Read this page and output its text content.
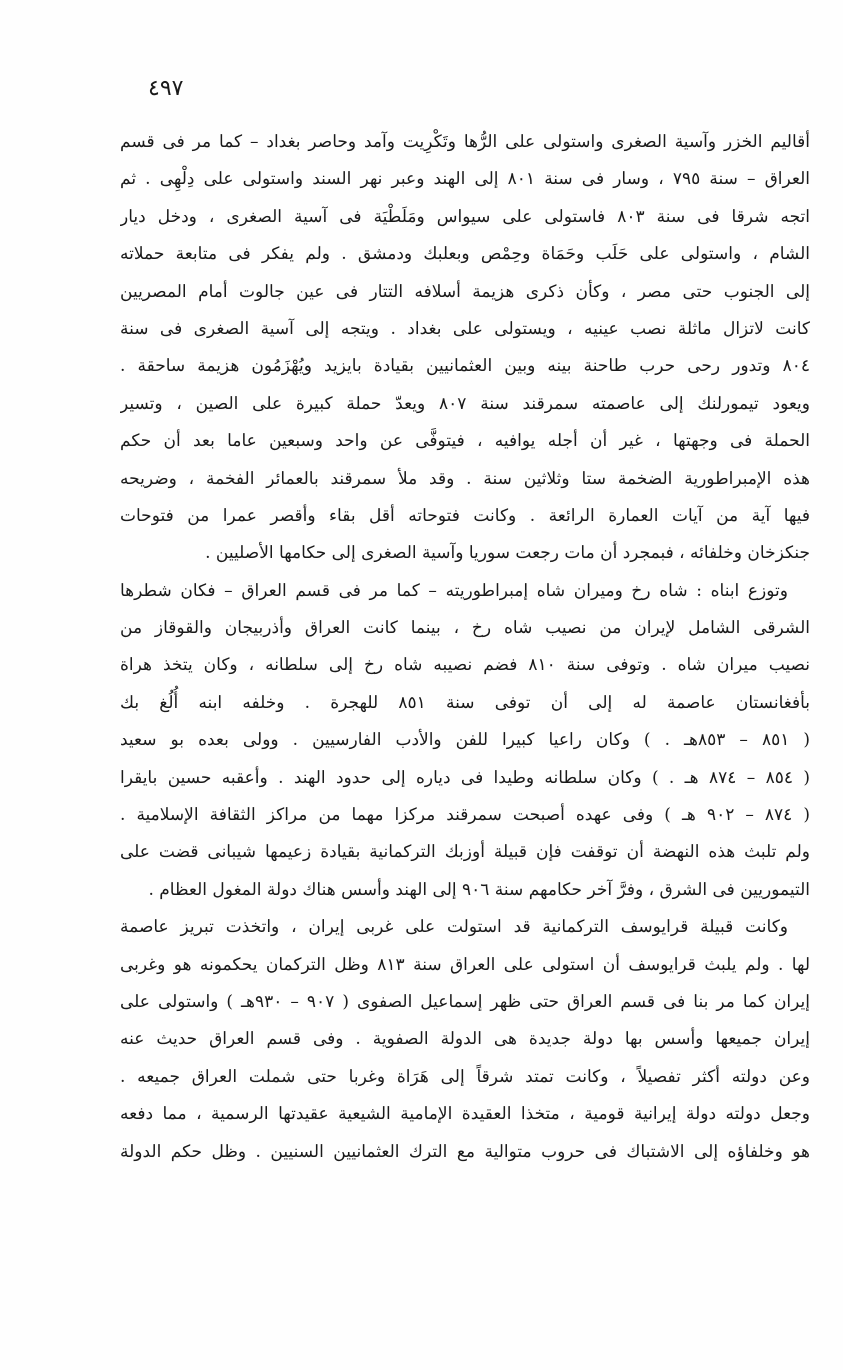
٤٩٧
أقاليم الخزر وآسية الصغرى واستولى على الرُّها وتَكْرِيت وآمد وحاصر بغداد – كما مر فى قسم
العراق – سنة ٧٩٥ ، وسار فى سنة ٨٠١ إلى الهند وعبر نهر السند واستولى على دِلْهِى . ثم
اتجه شرقا فى سنة ٨٠٣ فاستولى على سيواس ومَلَطْيَة فى آسية الصغرى ، ودخل ديار
الشام ، واستولى على حَلَب وحَمَاة وحِمْص وبعلبك ودمشق . ولم يفكر فى متابعة حملاته
إلى الجنوب حتى مصر ، وكأن ذكرى هزيمة أسلافه التتار فى عين جالوت أمام المصريين
كانت لاتزال ماثلة نصب عينيه ، ويستولى على بغداد . ويتجه إلى آسية الصغرى فى سنة
٨٠٤ وتدور رحى حرب طاحنة بينه وبين العثمانيين بقيادة بايزيد ويُهْزَمُون هزيمة ساحقة .
ويعود تيمورلنك إلى عاصمته سمرقند سنة ٨٠٧ ويعدّ حملة كبيرة على الصين ، وتسير
الحملة فى وجهتها ، غير أن أجله يوافيه ، فيتوفَّى عن واحد وسبعين عاما بعد أن حكم
هذه الإمبراطورية الضخمة ستا وثلاثين سنة . وقد ملأ سمرقند بالعمائر الفخمة ، وضريحه
فيها آية من آيات العمارة الرائعة . وكانت فتوحاته أقل بقاء وأقصر عمرا من فتوحات
جنكزخان وخلفائه ، فبمجرد أن مات رجعت سوريا وآسية الصغرى إلى حكامها الأصليين .
وتوزع ابناه : شاه رخ وميران شاه إمبراطوريته – كما مر فى قسم العراق – فكان شطرها
الشرقى الشامل لإيران من نصيب شاه رخ ، بينما كانت العراق وأذربيجان والقوقاز من
نصيب ميران شاه . وتوفى سنة ٨١٠ فضم نصيبه شاه رخ إلى سلطانه ، وكان يتخذ هراة
بأفغانستان عاصمة له إلى أن توفى سنة ٨٥١ للهجرة . وخلفه ابنه أُلُغ بك
( ٨٥١ – ٨٥٣هـ . ) وكان راعيا كبيرا للفن والأدب الفارسيين . وولى بعده بو سعيد
( ٨٥٤ – ٨٧٤ هـ . ) وكان سلطانه وطيدا فى دياره إلى حدود الهند . وأعقبه حسين بايقرا
( ٨٧٤ – ٩٠٢ هـ ) وفى عهده أصبحت سمرقند مركزا مهما من مراكز الثقافة الإسلامية .
ولم تلبث هذه النهضة أن توقفت فإن قبيلة أوزبك التركمانية بقيادة زعيمها شيبانى قضت على
التيموريين فى الشرق ، وفرَّ آخر حكامهم سنة ٩٠٦ إلى الهند وأسس هناك دولة المغول العظام .
وكانت قبيلة قرايوسف التركمانية قد استولت على غربى إيران ، واتخذت تبريز عاصمة
لها . ولم يلبث قرايوسف أن استولى على العراق سنة ٨١٣ وظل التركمان يحكمونه هو وغربى
إيران كما مر بنا فى قسم العراق حتى ظهر إسماعيل الصفوى ( ٩٠٧ – ٩٣٠هـ ) واستولى على
إيران جميعها وأسس بها دولة جديدة هى الدولة الصفوية . وفى قسم العراق حديث عنه
وعن دولته أكثر تفصيلاً ، وكانت تمتد شرقاً إلى هَرَاة وغربا حتى شملت العراق جميعه .
وجعل دولته دولة إيرانية قومية ، متخذا العقيدة الإمامية الشيعية عقيدتها الرسمية ، مما دفعه
هو وخلفاؤه إلى الاشتباك فى حروب متوالية مع الترك العثمانيين السنيين . وظل حكم الدولة
